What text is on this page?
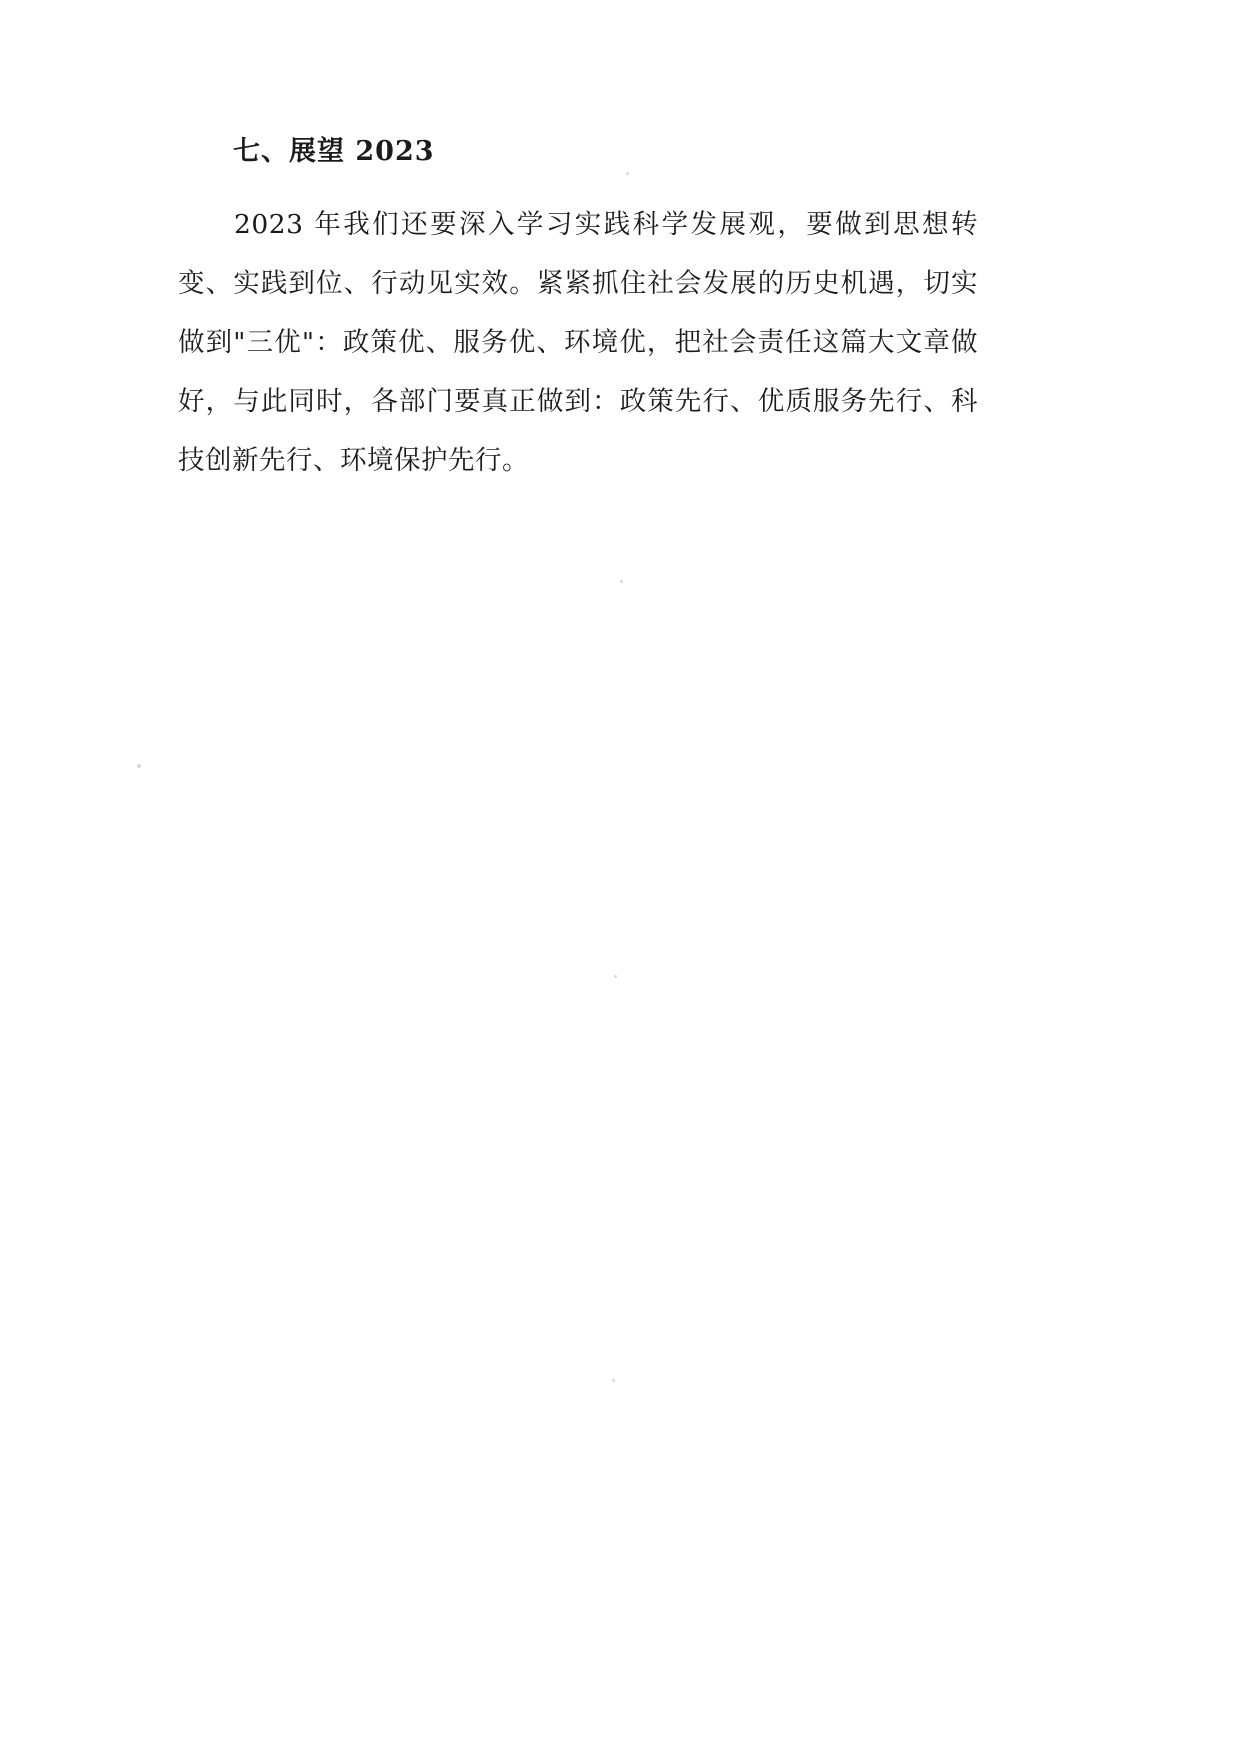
七、展望 2023

2023 年我们还要深入学习实践科学发展观，要做到思想转变、实践到位、行动见实效。紧紧抓住社会发展的历史机遇，切实做到"三优"：政策优、服务优、环境优，把社会责任这篇大文章做好，与此同时，各部门要真正做到：政策先行、优质服务先行、科技创新先行、环境保护先行。
